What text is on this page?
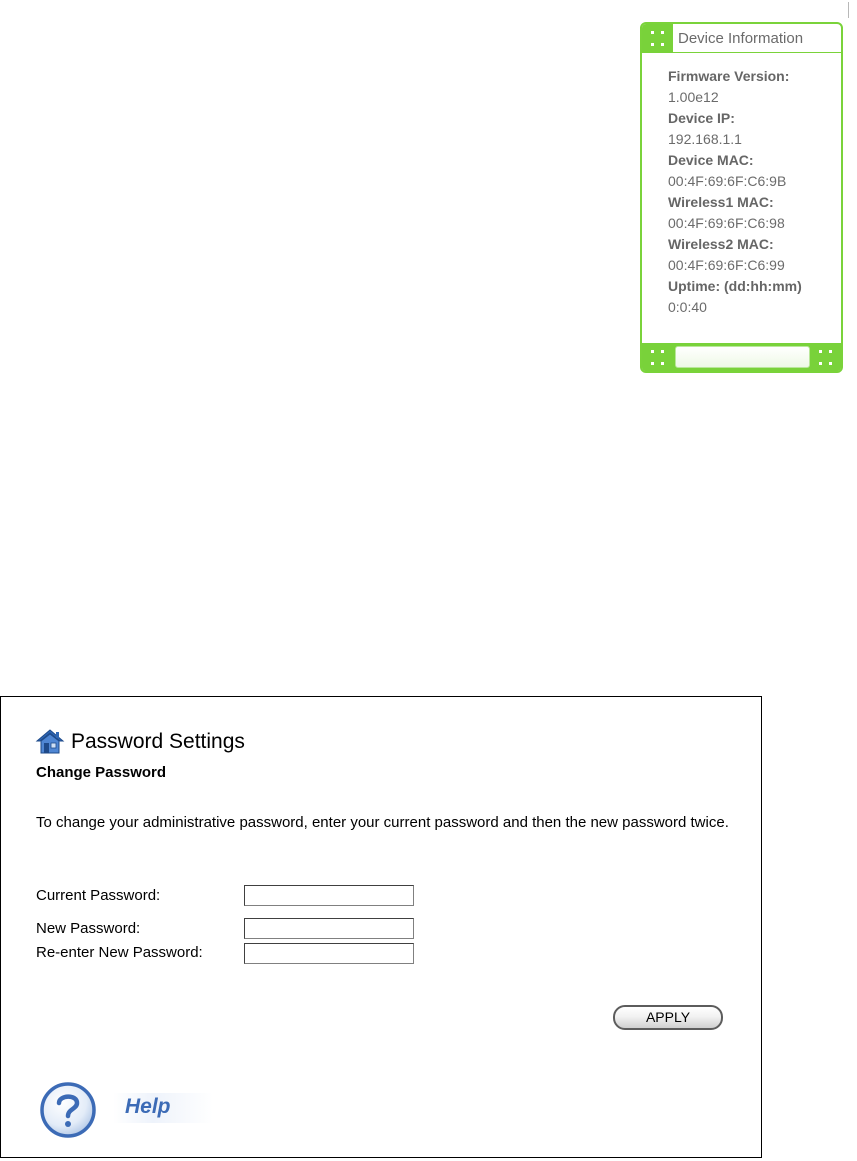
Device Information
Firmware Version:
1.00e12
Device IP:
192.168.1.1
Device MAC:
00:4F:69:6F:C6:9B
Wireless1 MAC:
00:4F:69:6F:C6:98
Wireless2 MAC:
00:4F:69:6F:C6:99
Uptime: (dd:hh:mm)
0:0:40
Password Settings
Change Password
To change your administrative password, enter your current password and then the new password twice.
Current Password:
New Password:
Re-enter New Password:
APPLY
Help
